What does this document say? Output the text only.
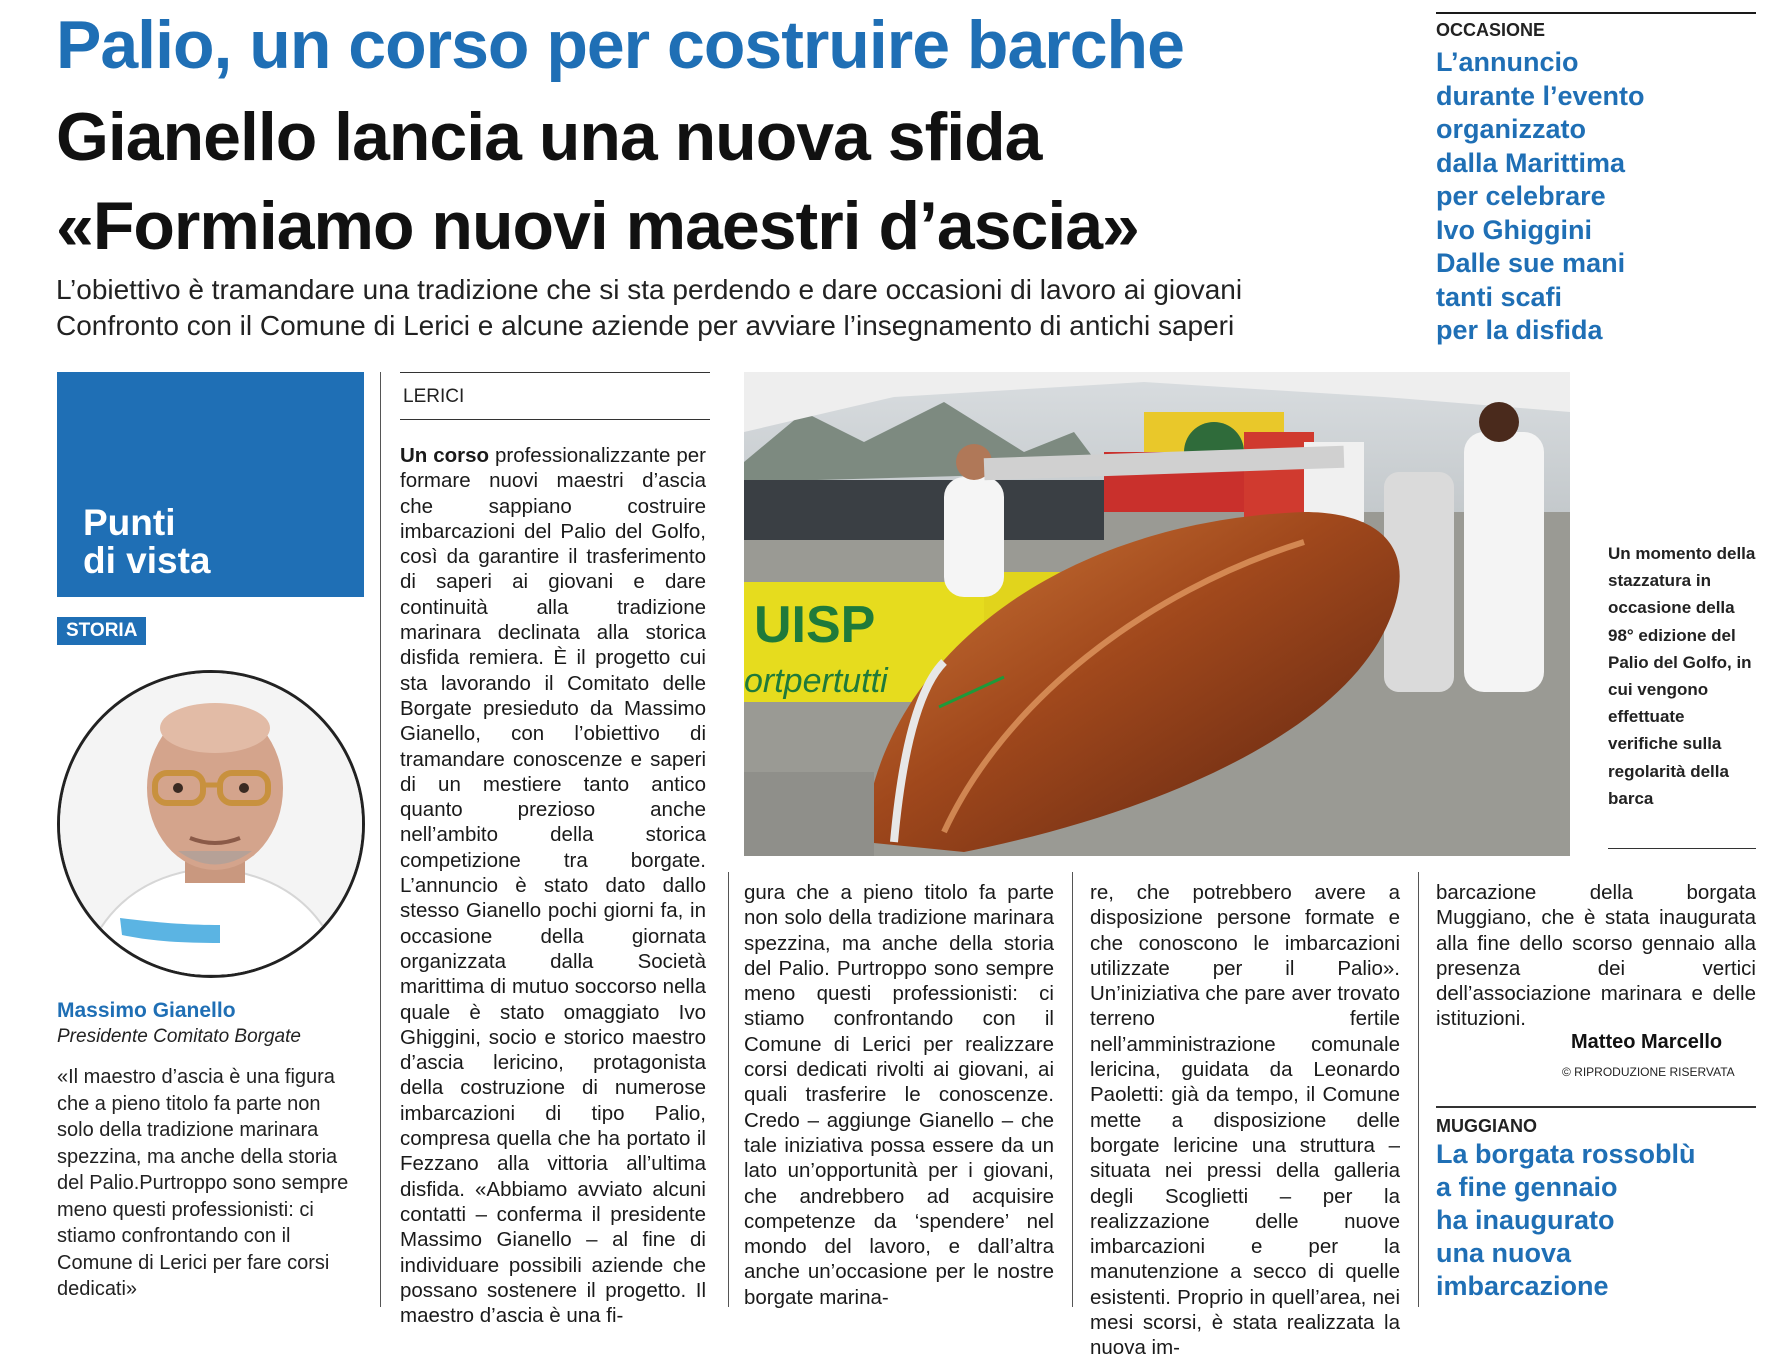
Palio, un corso per costruire barche
Gianello lancia una nuova sfida
«Formiamo nuovi maestri d’ascia»
L’obiettivo è tramandare una tradizione che si sta perdendo e dare occasioni di lavoro ai giovani
Confronto con il Comune di Lerici e alcune aziende per avviare l’insegnamento di antichi saperi
OCCASIONE
L’annuncio
durante l’evento
organizzato
dalla Marittima
per celebrare
Ivo Ghiggini
Dalle sue mani
tanti scafi
per la disfida
Punti
di vista
STORIA
Massimo Gianello
Presidente Comitato Borgate
«Il maestro d’ascia è una figura che a pieno titolo fa parte non solo della tradizione marinara spezzina, ma anche della storia del Palio.Purtroppo sono sempre meno questi professionisti: ci stiamo confrontando con il Comune di Lerici per fare corsi dedicati»
LERICI

Un corso professionalizzante per formare nuovi maestri d’ascia che sappiano costruire imbarcazioni del Palio del Golfo, così da garantire il trasferimento di saperi ai giovani e dare continuità alla tradizione marinara declinata alla storica disfida remiera. È il progetto cui sta lavorando il Comitato delle Borgate presieduto da Massimo Gianello, con l’obiettivo di tramandare conoscenze e saperi di un mestiere tanto antico quanto prezioso anche nell’ambito della storica competizione tra borgate. L’annuncio è stato dato dallo stesso Gianello pochi giorni fa, in occasione della giornata organizzata dalla Società marittima di mutuo soccorso nella quale è stato omaggiato Ivo Ghiggini, socio e storico maestro d’ascia lericino, protagonista della costruzione di numerose imbarcazioni di tipo Palio, compresa quella che ha portato il Fezzano alla vittoria all’ultima disfida. «Abbiamo avviato alcuni contatti – conferma il presidente Massimo Gianello – al fine di individuare possibili aziende che possano sostenere il progetto. Il maestro d’ascia è una fi-

UISP
ortpertutti
Un momento della stazzatura in occasione della 98° edizione del Palio del Golfo, in cui vengono effettuate verifiche sulla regolarità della barca

gura che a pieno titolo fa parte non solo della tradizione marinara spezzina, ma anche della storia del Palio. Purtroppo sono sempre meno questi professionisti: ci stiamo confrontando con il Comune di Lerici per realizzare corsi dedicati rivolti ai giovani, ai quali trasferire le conoscenze. Credo – aggiunge Gianello – che tale iniziativa possa essere da un lato un’opportunità per i giovani, che andrebbero ad acquisire competenze da ‘spendere’ nel mondo del lavoro, e dall’altra anche un’occasione per le nostre borgate marina-

re, che potrebbero avere a disposizione persone formate e che conoscono le imbarcazioni utilizzate per il Palio». Un’iniziativa che pare aver trovato terreno fertile nell’amministrazione comunale lericina, guidata da Leonardo Paoletti: già da tempo, il Comune mette a disposizione delle borgate lericine una struttura – situata nei pressi della galleria degli Scoglietti – per la realizzazione delle nuove imbarcazioni e per la manutenzione a secco di quelle esistenti. Proprio in quell’area, nei mesi scorsi, è stata realizzata la nuova im-

barcazione della borgata Muggiano, che è stata inaugurata alla fine dello scorso gennaio alla presenza dei vertici dell’associazione marinara e delle istituzioni.

Matteo Marcello
© RIPRODUZIONE RISERVATA
MUGGIANO
La borgata rossoblù
a fine gennaio
ha inaugurato
una nuova
imbarcazione
